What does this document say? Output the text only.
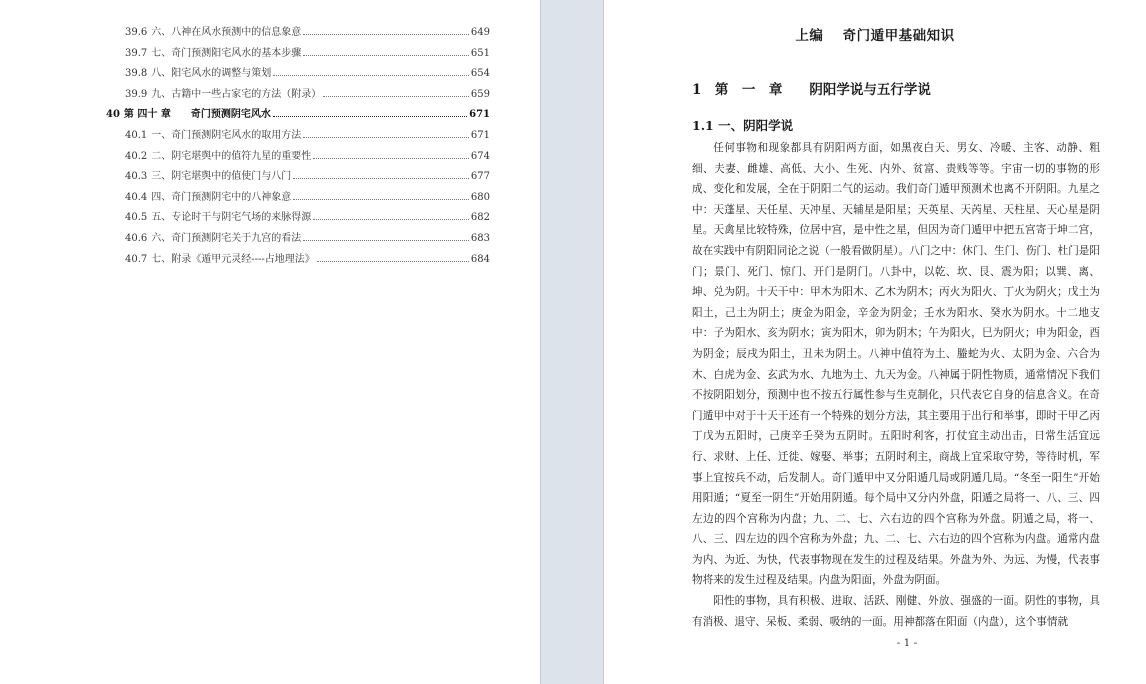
39.6 六、八神在风水预测中的信息象意	649
39.7 七、奇门预测阳宅风水的基本步骤	651
39.8 八、阳宅风水的调整与策划	654
39.9 九、古籍中一些占家宅的方法（附录）	659
40 第 四十 章　　奇门预测阴宅风水	671
40.1 一、奇门预测阴宅风水的取用方法	671
40.2 二、阴宅堪舆中的值符九星的重要性	674
40.3 三、阴宅堪舆中的值使门与八门	677
40.4 四、奇门预测阴宅中的八神象意	680
40.5 五、专论时干与阴宅气场的来脉得源	682
40.6 六、奇门预测阴宅关于九宫的看法	683
40.7 七、附录《遁甲元灵经----占地理法》	684
上编　 奇门遁甲基础知识
1　第　一　章　　阴阳学说与五行学说
1.1 一、阴阳学说

任何事物和现象都具有阴阳两方面，如黑夜白天、男女、冷暖、主客、动静、粗细、夫妻、雌雄、高低、大小、生死、内外、贫富、贵贱等等。宇宙一切的事物的形成、变化和发展，全在于阴阳二气的运动。我们奇门遁甲预测术也离不开阴阳。九星之中：天蓬星、天任星、天冲星、天辅星是阳星；天英星、天芮星、天柱星、天心星是阴星。天禽星比较特殊，位居中宫，是中性之星，但因为奇门遁甲中把五宫寄于坤二宫，故在实践中有阴阳同论之说（一般看做阴星）。八门之中：休门、生门、伤门、杜门是阳门；景门、死门、惊门、开门是阴门。八卦中，以乾、坎、艮、震为阳；以巽、离、坤、兑为阴。十天干中：甲木为阳木、乙木为阴木；丙火为阳火、丁火为阴火；戊土为阳土，己土为阴土；庚金为阳金，辛金为阴金；壬水为阳水、癸水为阴水。十二地支中：子为阳水、亥为阴水；寅为阳木，卯为阴木；午为阳火，巳为阴火；申为阳金，酉为阴金；辰戌为阳土，丑未为阴土。八神中值符为土、螣蛇为火、太阴为金、六合为木、白虎为金、玄武为水、九地为土、九天为金。八神属于阴性物质，通常情况下我们不按阴阳划分，预测中也不按五行属性参与生克制化，只代表它自身的信息含义。在奇门遁甲中对于十天干还有一个特殊的划分方法，其主要用于出行和举事，即时干甲乙丙丁戊为五阳时，己庚辛壬癸为五阴时。五阳时利客，打仗宜主动出击，日常生活宜远行、求财、上任、迁徙、嫁娶、举事；五阴时利主，商战上宜采取守势，等待时机，军事上宜按兵不动，后发制人。奇门遁甲中又分阳遁几局或阴遁几局。“冬至一阳生”开始用阳遁；“夏至一阴生”开始用阴遁。每个局中又分内外盘，阳遁之局将一、八、三、四左边的四个宫称为内盘；九、二、七、六右边的四个宫称为外盘。阴遁之局，将一、八、三、四左边的四个宫称为外盘；九、二、七、六右边的四个宫称为内盘。通常内盘为内、为近、为快，代表事物现在发生的过程及结果。外盘为外、为远、为慢，代表事物将来的发生过程及结果。内盘为阳面，外盘为阴面。

阳性的事物，具有积极、进取、活跃、刚健、外放、强盛的一面。阴性的事物，具有消极、退守、呆板、柔弱、吸纳的一面。用神都落在阳面（内盘），这个事情就

- 1 -
